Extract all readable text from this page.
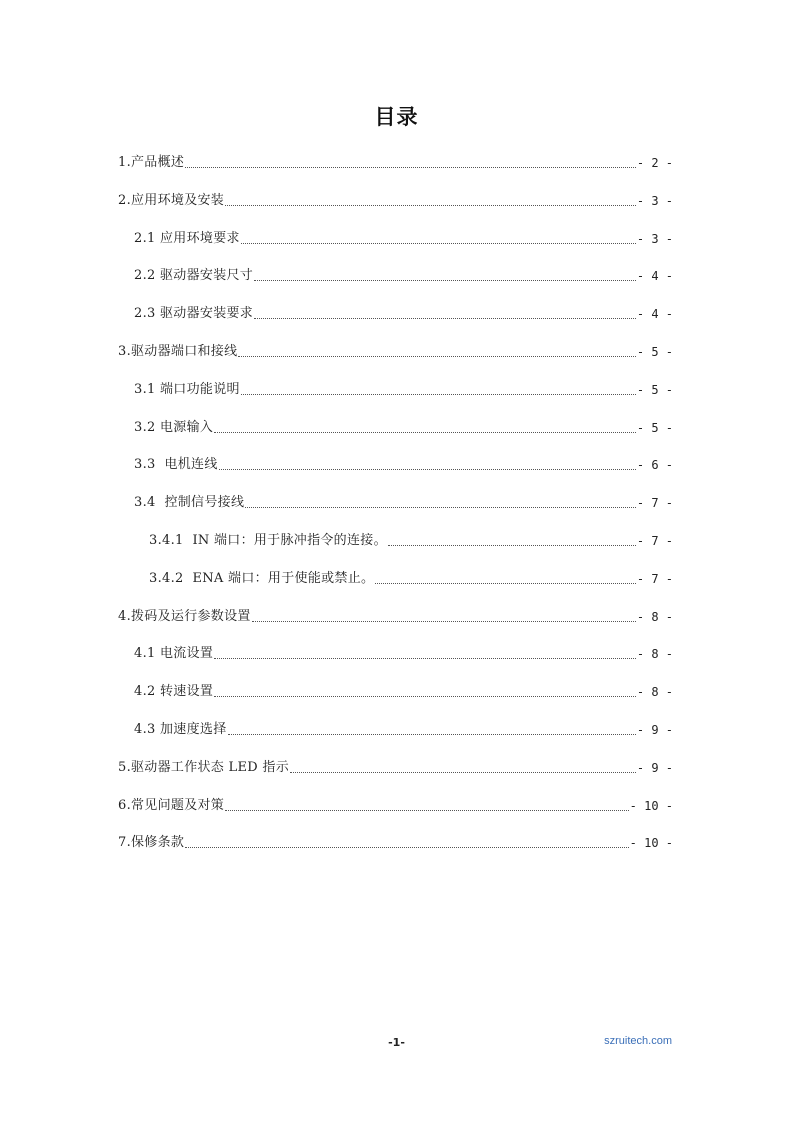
目录
1.产品概述	- 2 -
2.应用环境及安装	- 3 -
2.1 应用环境要求	- 3 -
2.2 驱动器安装尺寸	- 4 -
2.3 驱动器安装要求	- 4 -
3.驱动器端口和接线	- 5 -
3.1 端口功能说明	- 5 -
3.2 电源输入	- 5 -
3.3  电机连线	- 6 -
3.4  控制信号接线	- 7 -
3.4.1  IN 端口：用于脉冲指令的连接。	- 7 -
3.4.2  ENA 端口：用于使能或禁止。	- 7 -
4.拨码及运行参数设置	- 8 -
4.1 电流设置	- 8 -
4.2 转速设置	- 8 -
4.3 加速度选择	- 9 -
5.驱动器工作状态 LED 指示	- 9 -
6.常见问题及对策	- 10 -
7.保修条款	- 10 -
-1-	szruitech.com
